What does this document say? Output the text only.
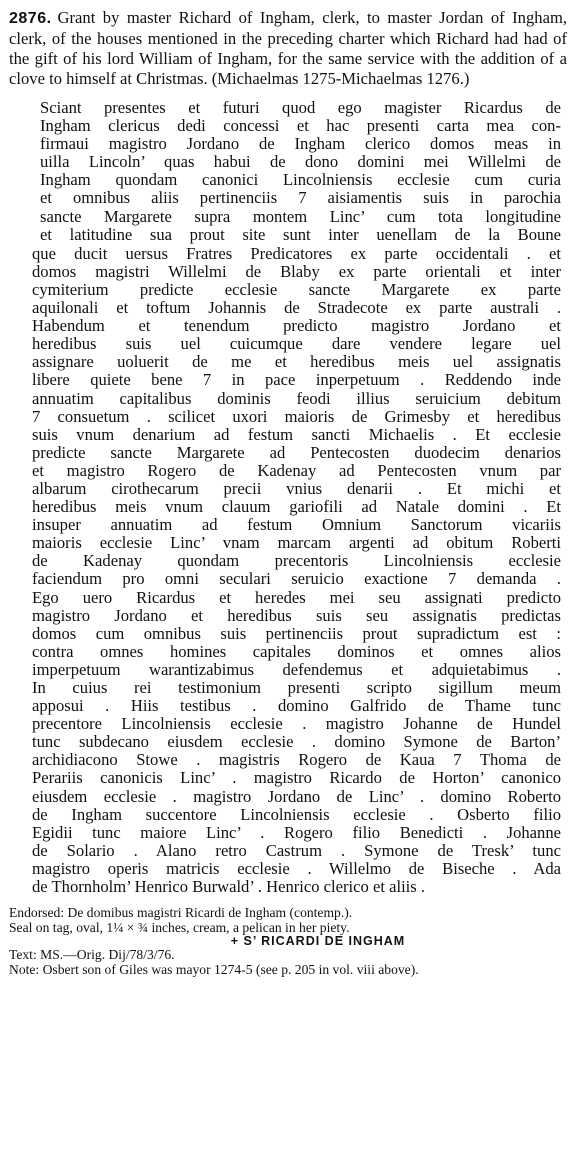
2876. Grant by master Richard of Ingham, clerk, to master Jordan of Ingham, clerk, of the houses mentioned in the preceding charter which Richard had had of the gift of his lord William of Ingham, for the same service with the addition of a clove to himself at Christmas. (Michaelmas 1275-Michaelmas 1276.)

Sciant presentes et futuri quod ego magister Ricardus de
Ingham clericus dedi concessi et hac presenti carta mea con-
firmaui magistro Jordano de Ingham clerico domos meas in
uilla Lincoln’ quas habui de dono domini mei Willelmi de
Ingham quondam canonici Lincolniensis ecclesie cum curia
et omnibus aliis pertinenciis 7 aisiamentis suis in parochia
sancte Margarete supra montem Linc’ cum tota longitudine
et latitudine sua prout site sunt inter uenellam de la Boune
que ducit uersus Fratres Predicatores ex parte occidentali . et
domos magistri Willelmi de Blaby ex parte orientali et inter
cymiterium predicte ecclesie sancte Margarete ex parte
aquilonali et toftum Johannis de Stradecote ex parte australi .
Habendum et tenendum predicto magistro Jordano et
heredibus suis uel cuicumque dare vendere legare uel
assignare uoluerit de me et heredibus meis uel assignatis
libere quiete bene 7 in pace inperpetuum . Reddendo inde
annuatim capitalibus dominis feodi illius seruicium debitum
7 consuetum . scilicet uxori maioris de Grimesby et heredibus
suis vnum denarium ad festum sancti Michaelis . Et ecclesie
predicte sancte Margarete ad Pentecosten duodecim denarios
et magistro Rogero de Kadenay ad Pentecosten vnum par
albarum cirothecarum precii vnius denarii . Et michi et
heredibus meis vnum clauum gariofili ad Natale domini . Et
insuper annuatim ad festum Omnium Sanctorum vicariis
maioris ecclesie Linc’ vnam marcam argenti ad obitum Roberti
de Kadenay quondam precentoris Lincolniensis ecclesie
faciendum pro omni seculari seruicio exactione 7 demanda .
Ego uero Ricardus et heredes mei seu assignati predicto
magistro Jordano et heredibus suis seu assignatis predictas
domos cum omnibus suis pertinenciis prout supradictum est :
contra omnes homines capitales dominos et omnes alios
imperpetuum warantizabimus defendemus et adquietabimus .
In cuius rei testimonium presenti scripto sigillum meum
apposui . Hiis testibus . domino Galfrido de Thame tunc
precentore Lincolniensis ecclesie . magistro Johanne de Hundel
tunc subdecano eiusdem ecclesie . domino Symone de Barton’
archidiacono Stowe . magistris Rogero de Kaua 7 Thoma de
Perariis canonicis Linc’ . magistro Ricardo de Horton’ canonico
eiusdem ecclesie . magistro Jordano de Linc’ . domino Roberto
de Ingham succentore Lincolniensis ecclesie . Osberto filio
Egidii tunc maiore Linc’ . Rogero filio Benedicti . Johanne
de Solario . Alano retro Castrum . Symone de Tresk’ tunc
magistro operis matricis ecclesie . Willelmo de Biseche . Ada
de Thornholm’ Henrico Burwald’ . Henrico clerico et aliis .
Endorsed: De domibus magistri Ricardi de Ingham (contemp.).
Seal on tag, oval, 1¼ × ¾ inches, cream, a pelican in her piety.
+ S’ RICARDI DE INGHAM
Text: MS.—Orig. Dij/78/3/76.
Note: Osbert son of Giles was mayor 1274-5 (see p. 205 in vol. viii above).
